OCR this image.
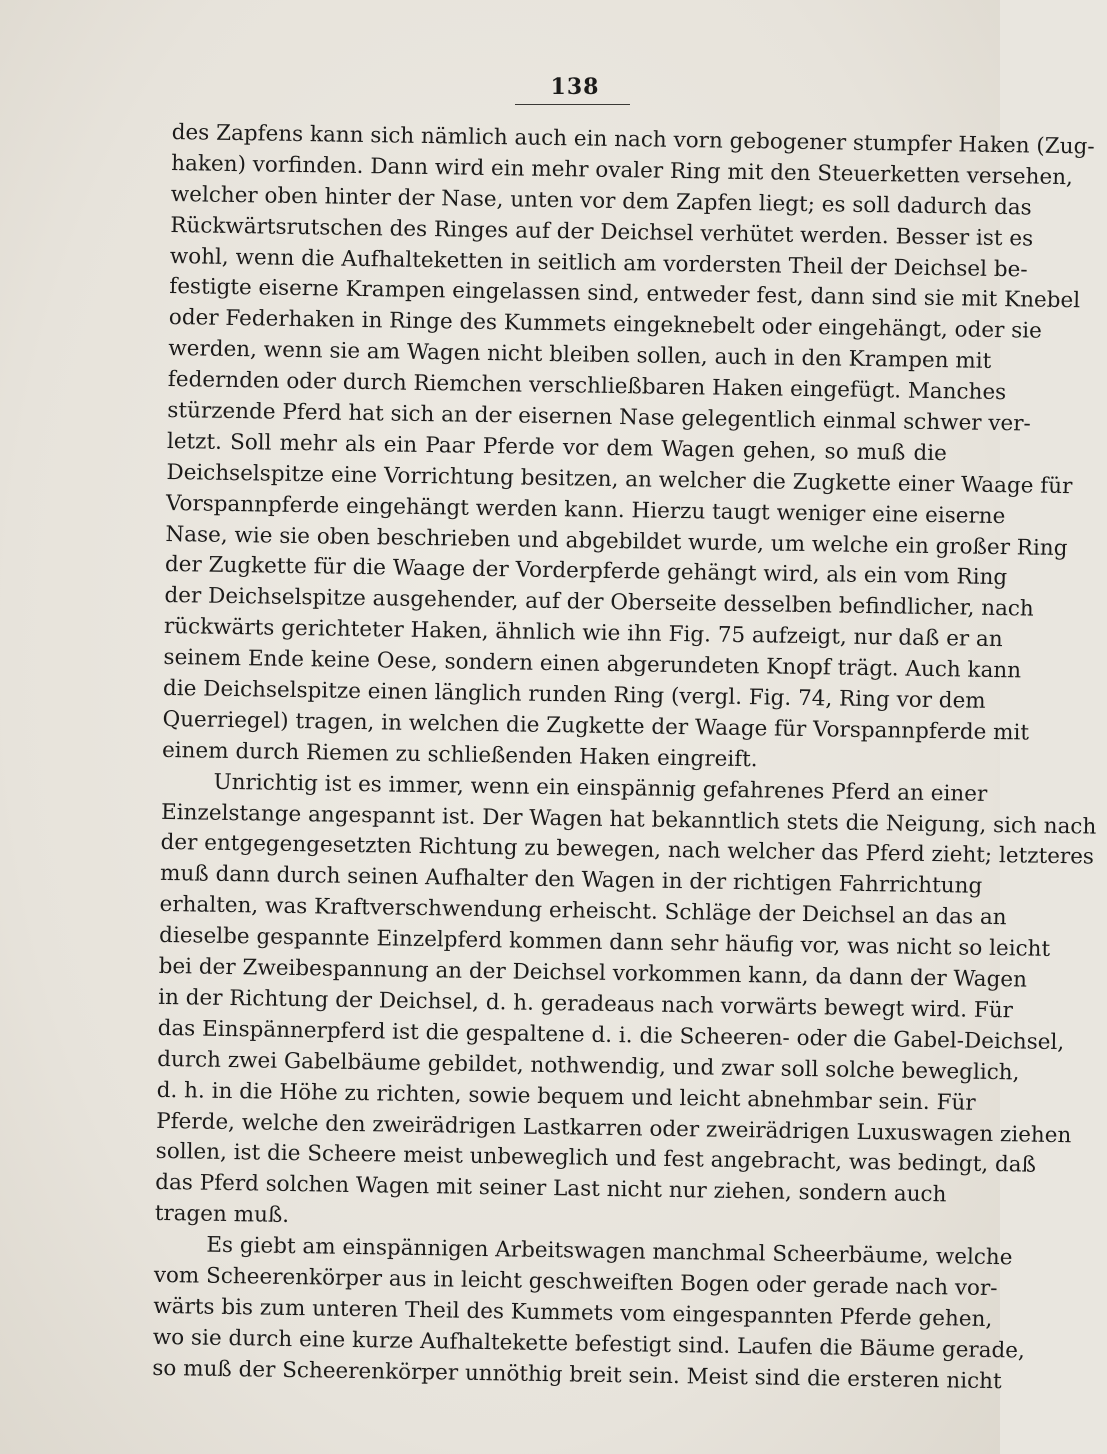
138
des Zapfens kann sich nämlich auch ein nach vorn gebogener stumpfer Haken (Zug-
haken) vorfinden. Dann wird ein mehr ovaler Ring mit den Steuerketten versehen,
welcher oben hinter der Nase, unten vor dem Zapfen liegt; es soll dadurch das
Rückwärtsrutschen des Ringes auf der Deichsel verhütet werden. Besser ist es
wohl, wenn die Aufhalteketten in seitlich am vordersten Theil der Deichsel be-
festigte eiserne Krampen eingelassen sind, entweder fest, dann sind sie mit Knebel
oder Federhaken in Ringe des Kummets eingeknebelt oder eingehängt, oder sie
werden, wenn sie am Wagen nicht bleiben sollen, auch in den Krampen mit
federnden oder durch Riemchen verschließbaren Haken eingefügt. Manches
stürzende Pferd hat sich an der eisernen Nase gelegentlich einmal schwer ver-
letzt. Soll mehr als ein Paar Pferde vor dem Wagen gehen, so muß die
Deichselspitze eine Vorrichtung besitzen, an welcher die Zugkette einer Waage für
Vorspannpferde eingehängt werden kann. Hierzu taugt weniger eine eiserne
Nase, wie sie oben beschrieben und abgebildet wurde, um welche ein großer Ring
der Zugkette für die Waage der Vorderpferde gehängt wird, als ein vom Ring
der Deichselspitze ausgehender, auf der Oberseite desselben befindlicher, nach
rückwärts gerichteter Haken, ähnlich wie ihn Fig. 75 aufzeigt, nur daß er an
seinem Ende keine Oese, sondern einen abgerundeten Knopf trägt. Auch kann
die Deichselspitze einen länglich runden Ring (vergl. Fig. 74, Ring vor dem
Querriegel) tragen, in welchen die Zugkette der Waage für Vorspannpferde mit
einem durch Riemen zu schließenden Haken eingreift.
Unrichtig ist es immer, wenn ein einspännig gefahrenes Pferd an einer
Einzelstange angespannt ist. Der Wagen hat bekanntlich stets die Neigung, sich nach
der entgegengesetzten Richtung zu bewegen, nach welcher das Pferd zieht; letzteres
muß dann durch seinen Aufhalter den Wagen in der richtigen Fahrrichtung
erhalten, was Kraftverschwendung erheischt. Schläge der Deichsel an das an
dieselbe gespannte Einzelpferd kommen dann sehr häufig vor, was nicht so leicht
bei der Zweibespannung an der Deichsel vorkommen kann, da dann der Wagen
in der Richtung der Deichsel, d. h. geradeaus nach vorwärts bewegt wird. Für
das Einspännerpferd ist die gespaltene d. i. die Scheeren- oder die Gabel-Deichsel,
durch zwei Gabelbäume gebildet, nothwendig, und zwar soll solche beweglich,
d. h. in die Höhe zu richten, sowie bequem und leicht abnehmbar sein. Für
Pferde, welche den zweirädrigen Lastkarren oder zweirädrigen Luxuswagen ziehen
sollen, ist die Scheere meist unbeweglich und fest angebracht, was bedingt, daß
das Pferd solchen Wagen mit seiner Last nicht nur ziehen, sondern auch
tragen muß.
Es giebt am einspännigen Arbeitswagen manchmal Scheerbäume, welche
vom Scheerenkörper aus in leicht geschweiften Bogen oder gerade nach vor-
wärts bis zum unteren Theil des Kummets vom eingespannten Pferde gehen,
wo sie durch eine kurze Aufhaltekette befestigt sind. Laufen die Bäume gerade,
so muß der Scheerenkörper unnöthig breit sein. Meist sind die ersteren nicht
